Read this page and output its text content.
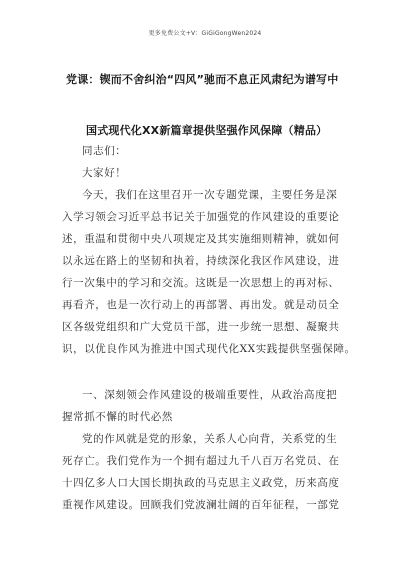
更多免费公文+V：GiGiGongWen2024
党课：锲而不舍纠治“四风”驰而不息正风肃纪为谱写中
国式现代化XX新篇章提供坚强作风保障（精品）
同志们：
大家好！
今天，我们在这里召开一次专题党课，主要任务是深
入学习领会习近平总书记关于加强党的作风建设的重要论
述，重温和贯彻中央八项规定及其实施细则精神，就如何
以永远在路上的坚韧和执着，持续深化我区作风建设，进
行一次集中的学习和交流。这既是一次思想上的再对标、
再看齐，也是一次行动上的再部署、再出发。就是动员全
区各级党组织和广大党员干部，进一步统一思想、凝聚共
识，以优良作风为推进中国式现代化XX实践提供坚强保障。
一、深刻领会作风建设的极端重要性，从政治高度把
握常抓不懈的时代必然
党的作风就是党的形象，关系人心向背，关系党的生
死存亡。我们党作为一个拥有超过九千八百万名党员、在
十四亿多人口大国长期执政的马克思主义政党，历来高度
重视作风建设。回顾我们党波澜壮阔的百年征程，一部党
